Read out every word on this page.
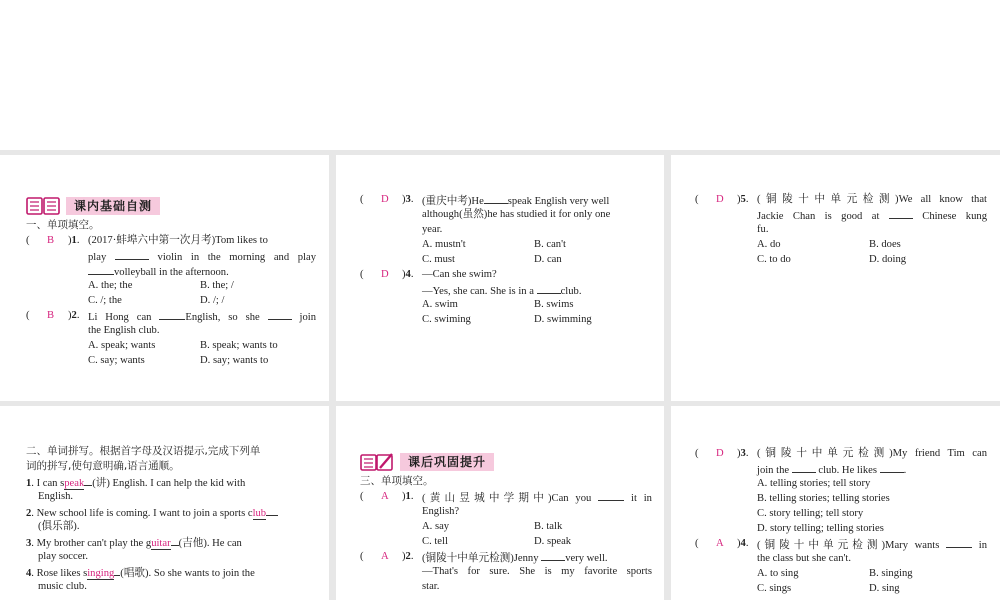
课内基础自测
一、单项填空。
( B )1. (2017·蚌埠六中第一次月考)Tom likes to
play	violin in the morning and play
volleyball in the afternoon.
A. the; the	B. the; /
C. /; the	D. /; /
( B )2. Li Hong can	English, so she	join
the English club.
A. speak; wants	B. speak; wants to
C. say; wants	D. say; wants to
( D )3. (重庆中考)He speak English very well
although(虽然)he has studied it for only one
year.
A. mustn't	B. can't
C. must	D. can
( D )4. —Can she swim?
—Yes, she can. She is in a	club.
A. swim	B. swims
C. swiming	D. swimming
( D )5. (铜陵十中单元检测)We all know that
Jackie Chan is good at	Chinese kung
fu.
A. do	B. does
C. to do	D. doing
二、单词拼写。根据首字母及汉语提示,完成下列单
词的拼写,使句意明确,语言通顺。
1. I can speak (讲) English. I can help the kid with
English.
2. New school life is coming. I want to join a sports club
(俱乐部).
3. My brother can't play the guitar (吉他). He can
play soccer.
4. Rose likes singing (唱歌). So she wants to join the
music club.
课后巩固提升
三、单项填空。
( A )1. (黄山昱城中学期中)Can you	it in
English?
A. say	B. talk
C. tell	D. speak
( A )2. (铜陵十中单元检测)Jenny	very well.
—That's for sure. She is my favorite sports
star.
( D )3. (铜陵十中单元检测)My friend Tim can
join the	club. He likes	.
A. telling stories; tell story
B. telling stories; telling stories
C. story telling; tell story
D. story telling; telling stories
( A )4. (铜陵十中单元检测)Mary wants	in
the class but she can't.
A. to sing	B. singing
C. sings	D. sing
